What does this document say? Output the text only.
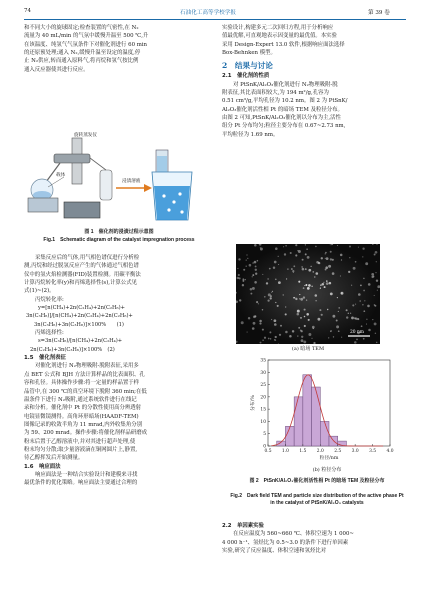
74	石油化工高等学校学报	第 39 卷

和不同大小的旋球固定;检查装置的气密性,在 N₂

流量为 40 mL/min 的气氛中缓慢升温至 500 ℃,升

在该温度、纯氢气气氛条件下对催化剂进行 60 min

的还原预处理;通入 N₂,缓慢升温至设定的温度,停

止 N₂供应,转而通入原料气,将丙烷和氢气按比例

通入反应器使其进行反应。

旋转蒸发仪
载体
浸渍溶液
图 1　催化剂的浸渍过程示意图
Fig.1　Schematic diagram of the catalyst impregnation process

采集反应后的气体,用气相色谱仪进行分析检

测,丙烷和经过脱氢反应产生的气体通过气相色谱

仪中的氢火焰检测器(FID)装置检测。用碳平衡法

计算丙烷转化率(y)和丙烯选择性(s),计算公式见

式(1)~(2)。

丙烷转化率:

y=[n(CH₄)+2n(C₂H₄)+2n(C₂H₆)+

3n(C₃H₆)]/[n(CH₄)+2n(C₂H₄)+2n(C₂H₆)+

3n(C₃H₆)+3n(C₃H₈)]×100%　　(1)

丙烯选择性:

s=3n(C₃H₆)/[n(CH₄)+2n(C₂H₄)+

2n(C₂H₆)+3n(C₃H₆)]×100%　(2)

1.5　催化剂表征

对催化剂进行 N₂物理吸附-脱附表征,采用多

点 BET 公式和 BJH 方法计算样品的比表面积、孔

容和孔径。具体操作步骤:将一定量的样品置于样

品管中,在 300 ℃的真空环境下脱附 360 min;在低

温条件下进行 N₂吸附,通过系统软件进行在线记

录和分析。催化剂中 Pt 的分散性使用高分辨透射

电镜显微镜测得。高角环形暗场(HAADF-TEM)

图像记录的收敛半角为 11 mrad,内外收集角分别

为 59、200 mrad。操作步骤:将催化剂样品研磨成

粉末后置于乙醇溶液中,并对其进行超声处理,使

粉末均匀分散;取少量溶液滴在铜网圆片上,静置,

待乙醇挥发后开始测量。

1.6　响应面法

响应面法是一种结合实验设计和建模来寻找

最优条件的优化策略。响应面法主要通过合理的

实验设计,构建多元二次回归方程,用于分析响应

值最优解,可直观地表示因变量的最优值。本实验

采用 Design-Expert 13.0 软件,根据响应面法选择

Box-Behnken 模型。

2　结果与讨论

2.1　催化剂的性质

对 PtSnK/Al₂O₃催化剂进行 N₂物理吸附-脱

附表征,其比表面积较大,为 194 m²/g,孔容为

0.51 cm³/g,平均孔径为 10.2 nm。图 2 为 PtSnK/

Al₂O₃催化剂活性相 Pt 的暗场 TEM 及粒径分布。

由图 2 可知,PtSnK/Al₂O₃催化剂以分布为主,活性

组分 Pt 分布均匀;粒径主要分布在 0.67~2.73 nm,

平均粒径为 1.69 nm。

20 nm
(a) 暗场 TEM
0.5 1.0 1.5 2.0 2.5 3.0 3.5 4.0
0
5
10
15
20
25
30
35
粒径/nm
分布/%
(b) 粒径分布
图 2　PtSnK/Al₂O₃催化剂活性相 Pt 的暗场 TEM 及粒径分布
Fig.2　Dark field TEM and particle size distribution of the active phase Pt in the catalyst of PtSnK/Al₂O₃ catalysts

2.2　单因素实验

在反应温度为 560~660 ℃、体积空速为 1 000~

4 000 h⁻¹、氢烃比为 0.5~3.0 的条件下进行单因素

实验,研究了反应温度、体积空速和氢烃比对
